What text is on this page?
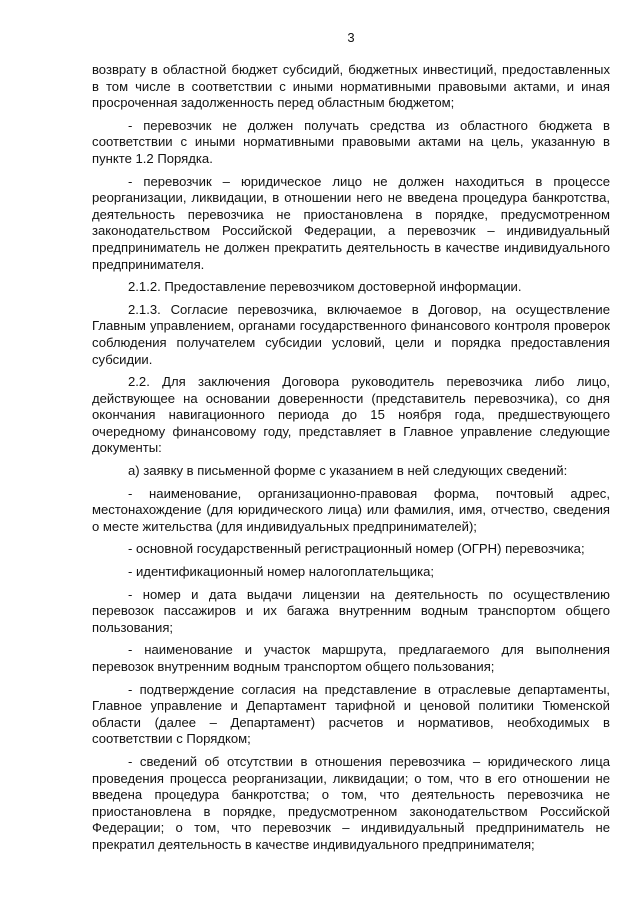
3

возврату в областной бюджет субсидий, бюджетных инвестиций, предоставленных в том числе в соответствии с иными нормативными правовыми актами, и иная просроченная задолженность перед областным бюджетом;

- перевозчик не должен получать средства из областного бюджета в соответствии с иными нормативными правовыми актами на цель, указанную в пункте 1.2 Порядка.

- перевозчик – юридическое лицо не должен находиться в процессе реорганизации, ликвидации, в отношении него не введена процедура банкротства, деятельность перевозчика не приостановлена в порядке, предусмотренном законодательством Российской Федерации, а перевозчик – индивидуальный предприниматель не должен прекратить деятельность в качестве индивидуального предпринимателя.

2.1.2. Предоставление перевозчиком достоверной информации.

2.1.3. Согласие перевозчика, включаемое в Договор, на осуществление Главным управлением, органами государственного финансового контроля проверок соблюдения получателем субсидии условий, цели и порядка предоставления субсидии.

2.2. Для заключения Договора руководитель перевозчика либо лицо, действующее на основании доверенности (представитель перевозчика), со дня окончания навигационного периода до 15 ноября года, предшествующего очередному финансовому году, представляет в Главное управление следующие документы:

а) заявку в письменной форме с указанием в ней следующих сведений:

- наименование, организационно-правовая форма, почтовый адрес, местонахождение (для юридического лица) или фамилия, имя, отчество, сведения о месте жительства (для индивидуальных предпринимателей);

- основной государственный регистрационный номер (ОГРН) перевозчика;

- идентификационный номер налогоплательщика;

- номер и дата выдачи лицензии на деятельность по осуществлению перевозок пассажиров и их багажа внутренним водным транспортом общего пользования;

- наименование и участок маршрута, предлагаемого для выполнения перевозок внутренним водным транспортом общего пользования;

- подтверждение согласия на представление в отраслевые департаменты, Главное управление и Департамент тарифной и ценовой политики Тюменской области (далее – Департамент) расчетов и нормативов, необходимых в соответствии с Порядком;

- сведений об отсутствии в отношения перевозчика – юридического лица проведения процесса реорганизации, ликвидации; о том, что в его отношении не введена процедура банкротства; о том, что деятельность перевозчика не приостановлена в порядке, предусмотренном законодательством Российской Федерации; о том, что перевозчик – индивидуальный предприниматель не прекратил деятельность в качестве индивидуального предпринимателя;
